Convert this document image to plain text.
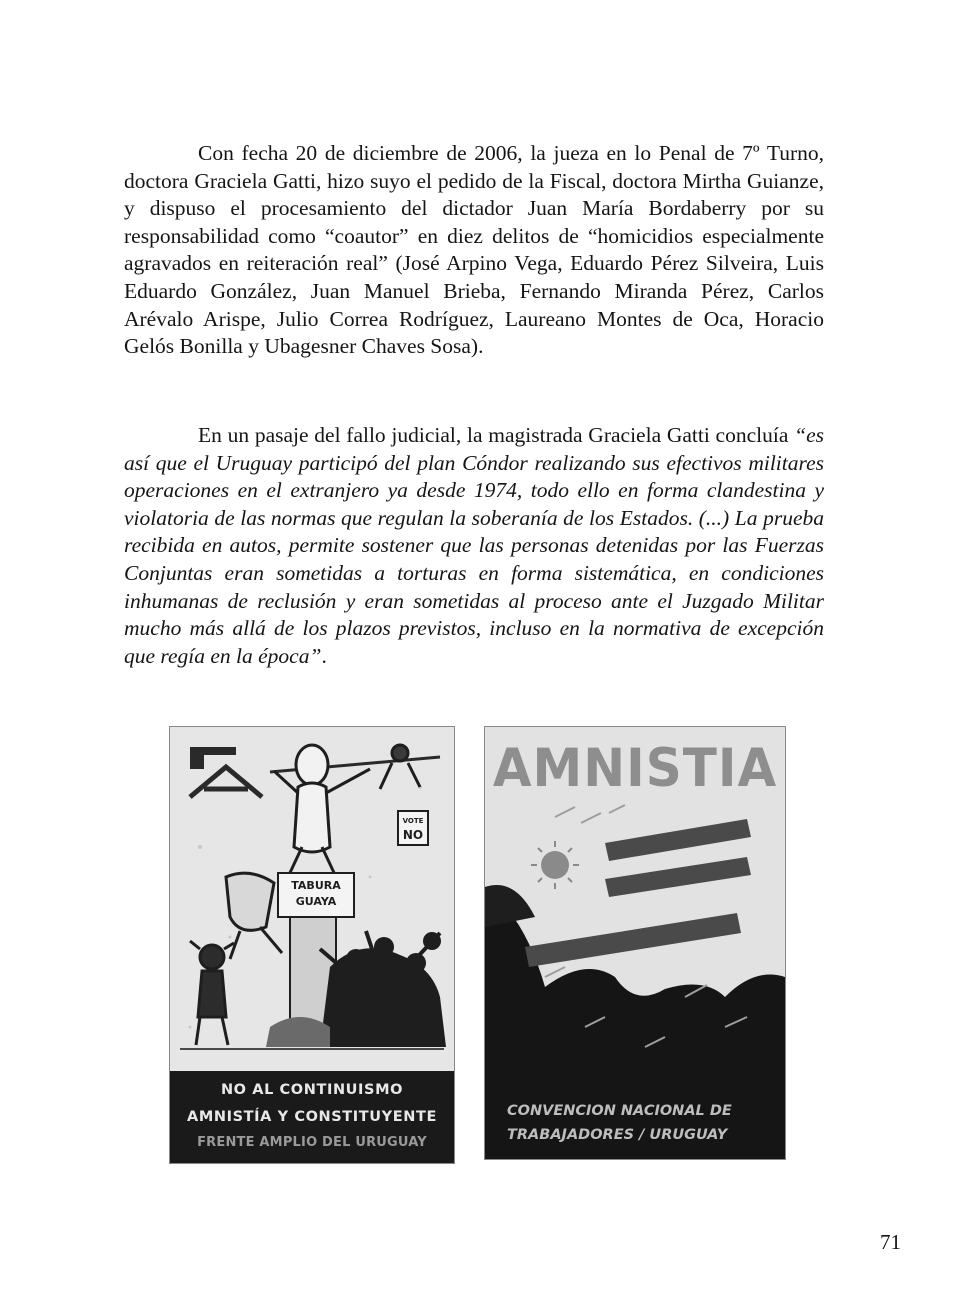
Con fecha 20 de diciembre de 2006, la jueza en lo Penal de 7º Turno, doctora Graciela Gatti, hizo suyo el pedido de la Fiscal, doctora Mirtha Guianze, y dispuso el procesamiento del dictador Juan María Bordaberry por su responsabilidad como “coautor” en diez delitos de “homicidios especialmente agravados en reiteración real” (José Arpino Vega, Eduardo Pérez Silveira, Luis Eduardo González, Juan Manuel Brieba, Fernando Miranda Pérez, Carlos Arévalo Arispe, Julio Correa Rodríguez, Laureano Montes de Oca, Horacio Gelós Bonilla y Ubagesner Chaves Sosa).

En un pasaje del fallo judicial, la magistrada Graciela Gatti concluía “es así que el Uruguay participó del plan Cóndor realizando sus efectivos militares operaciones en el extranjero ya desde 1974, todo ello en forma clandestina y violatoria de las normas que regulan la soberanía de los Estados. (...) La prueba recibida en autos, permite sostener que las personas detenidas por las Fuerzas Conjuntas eran sometidas a torturas en forma sistemática, en condiciones inhumanas de reclusión y eran sometidas al proceso ante el Juzgado Militar mucho más allá de los plazos previstos, incluso en la normativa de excepción que regía en la época”.

VOTE
NO
TABURA
GUAYA
NO AL CONTINUISMO
AMNISTÍA Y CONSTITUYENTE
FRENTE AMPLIO DEL URUGUAY
AMNISTIA
CONVENCION NACIONAL DE
TRABAJADORES / URUGUAY
71
